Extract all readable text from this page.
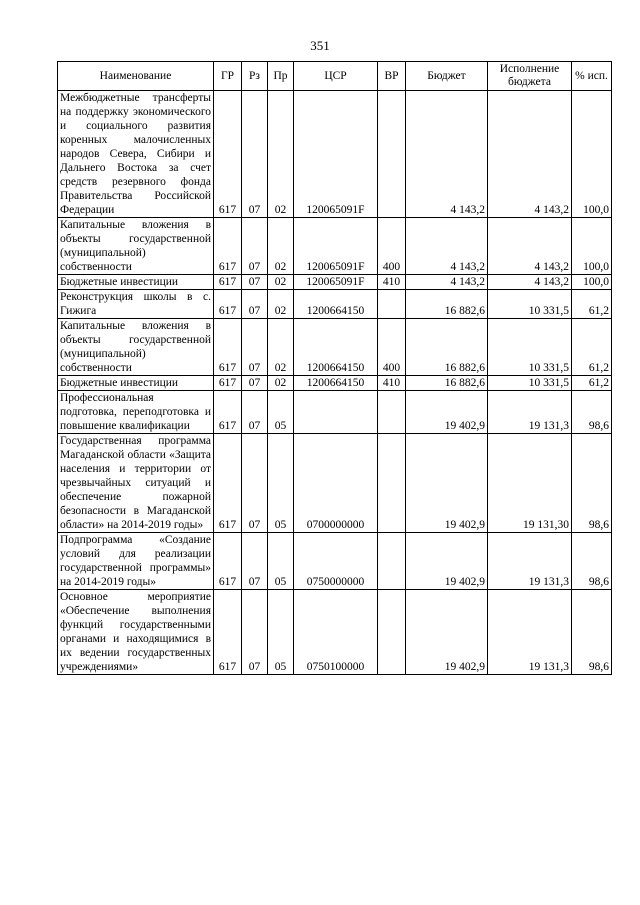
351
Наименование	ГР	Рз	Пр	ЦСР	ВР	Бюджет	Исполнение бюджета	% исп.
Межбюджетные трансферты на поддержку экономического и социального развития коренных малочисленных народов Севера, Сибири и Дальнего Востока за счет средств резервного фонда Правительства Российской Федерации	617	07	02	120065091F		4 143,2	4 143,2	100,0
Капитальные вложения в объекты государственной (муниципальной) собственности	617	07	02	120065091F	400	4 143,2	4 143,2	100,0
Бюджетные инвестиции	617	07	02	120065091F	410	4 143,2	4 143,2	100,0
Реконструкция школы в с. Гижига	617	07	02	1200664150		16 882,6	10 331,5	61,2
Капитальные вложения в объекты государственной (муниципальной) собственности	617	07	02	1200664150	400	16 882,6	10 331,5	61,2
Бюджетные инвестиции	617	07	02	1200664150	410	16 882,6	10 331,5	61,2
Профессиональная подготовка, переподготовка и повышение квалификации	617	07	05			19 402,9	19 131,3	98,6
Государственная программа Магаданской области «Защита населения и территории от чрезвычайных ситуаций и обеспечение пожарной безопасности в Магаданской области» на 2014-2019 годы»	617	07	05	0700000000		19 402,9	19 131,30	98,6
Подпрограмма «Создание условий для реализации государственной программы» на 2014-2019 годы»	617	07	05	0750000000		19 402,9	19 131,3	98,6
Основное мероприятие «Обеспечение выполнения функций государственными органами и находящимися в их ведении государственных учреждениями»	617	07	05	0750100000		19 402,9	19 131,3	98,6
